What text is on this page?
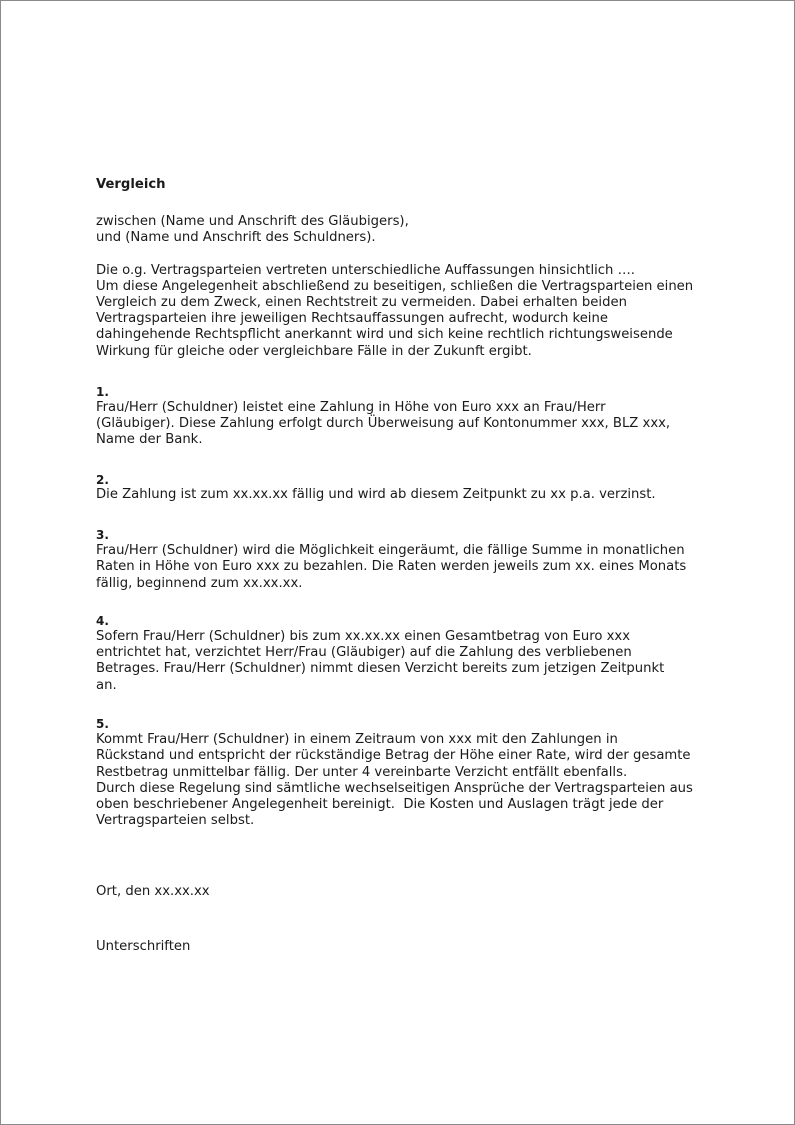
Vergleich

zwischen (Name und Anschrift des Gläubigers),

und (Name und Anschrift des Schuldners).

Die o.g. Vertragsparteien vertreten unterschiedliche Auffassungen hinsichtlich ….

Um diese Angelegenheit abschließend zu beseitigen, schließen die Vertragsparteien einen

Vergleich zu dem Zweck, einen Rechtstreit zu vermeiden. Dabei erhalten beiden

Vertragsparteien ihre jeweiligen Rechtsauffassungen aufrecht, wodurch keine

dahingehende Rechtspflicht anerkannt wird und sich keine rechtlich richtungsweisende

Wirkung für gleiche oder vergleichbare Fälle in der Zukunft ergibt.

1.

Frau/Herr (Schuldner) leistet eine Zahlung in Höhe von Euro xxx an Frau/Herr

(Gläubiger). Diese Zahlung erfolgt durch Überweisung auf Kontonummer xxx, BLZ xxx,

Name der Bank.

2.

Die Zahlung ist zum xx.xx.xx fällig und wird ab diesem Zeitpunkt zu xx p.a. verzinst.

3.

Frau/Herr (Schuldner) wird die Möglichkeit eingeräumt, die fällige Summe in monatlichen

Raten in Höhe von Euro xxx zu bezahlen. Die Raten werden jeweils zum xx. eines Monats

fällig, beginnend zum xx.xx.xx.

4.

Sofern Frau/Herr (Schuldner) bis zum xx.xx.xx einen Gesamtbetrag von Euro xxx

entrichtet hat, verzichtet Herr/Frau (Gläubiger) auf die Zahlung des verbliebenen

Betrages. Frau/Herr (Schuldner) nimmt diesen Verzicht bereits zum jetzigen Zeitpunkt

an.

5.

Kommt Frau/Herr (Schuldner) in einem Zeitraum von xxx mit den Zahlungen in

Rückstand und entspricht der rückständige Betrag der Höhe einer Rate, wird der gesamte

Restbetrag unmittelbar fällig. Der unter 4 vereinbarte Verzicht entfällt ebenfalls.

Durch diese Regelung sind sämtliche wechselseitigen Ansprüche der Vertragsparteien aus

oben beschriebener Angelegenheit bereinigt.  Die Kosten und Auslagen trägt jede der

Vertragsparteien selbst.

Ort, den xx.xx.xx

Unterschriften
